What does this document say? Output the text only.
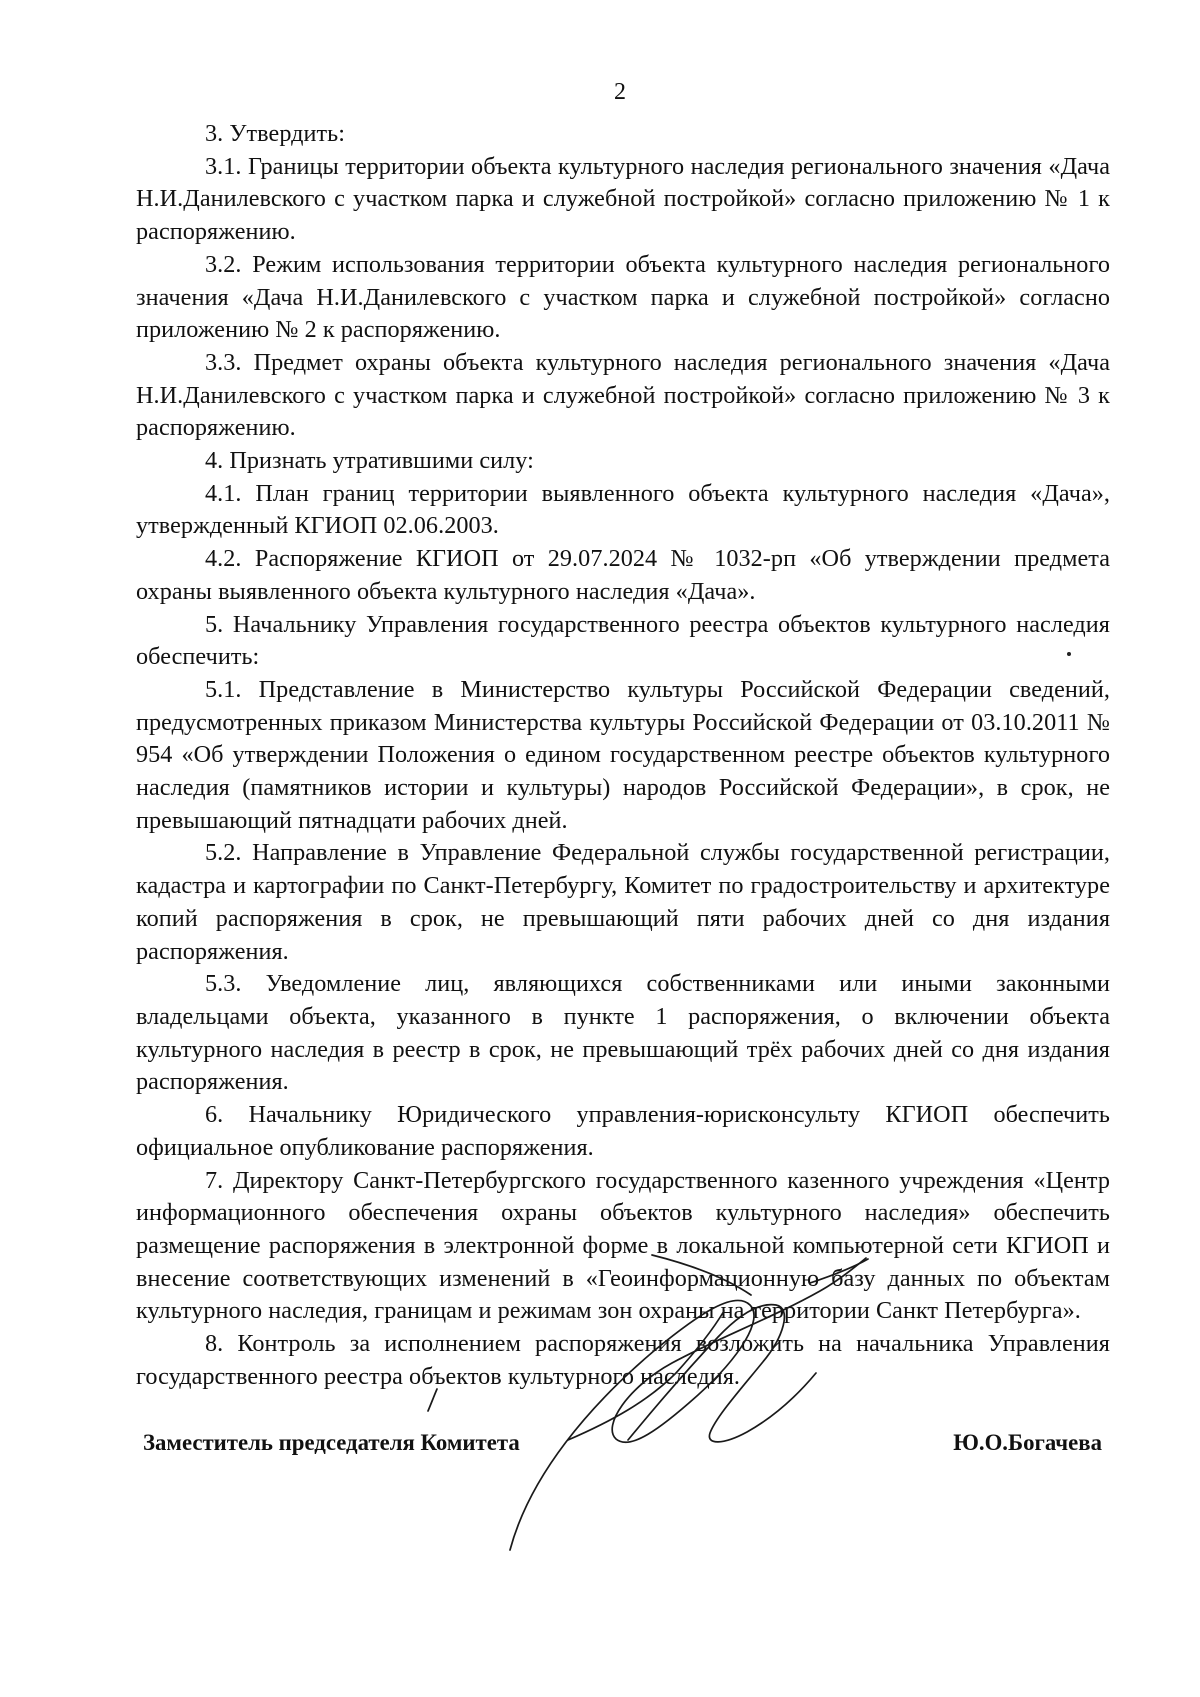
2

3. Утвердить:

3.1. Границы территории объекта культурного наследия регионального значения «Дача Н.И.Данилевского с участком парка и служебной постройкой» согласно приложению № 1 к распоряжению.

3.2. Режим использования территории объекта культурного наследия регионального значения «Дача Н.И.Данилевского с участком парка и служебной постройкой» согласно приложению № 2 к распоряжению.

3.3. Предмет охраны объекта культурного наследия регионального значения «Дача Н.И.Данилевского с участком парка и служебной постройкой» согласно приложению № 3 к распоряжению.

4. Признать утратившими силу:

4.1. План границ территории выявленного объекта культурного наследия «Дача», утвержденный КГИОП 02.06.2003.

4.2. Распоряжение КГИОП от 29.07.2024 № 1032-рп «Об утверждении предмета охраны выявленного объекта культурного наследия «Дача».

5. Начальнику Управления государственного реестра объектов культурного наследия обеспечить:

5.1. Представление в Министерство культуры Российской Федерации сведений, предусмотренных приказом Министерства культуры Российской Федерации от 03.10.2011 № 954 «Об утверждении Положения о едином государственном реестре объектов культурного наследия (памятников истории и культуры) народов Российской Федерации», в срок, не превышающий пятнадцати рабочих дней.

5.2. Направление в Управление Федеральной службы государственной регистрации, кадастра и картографии по Санкт-Петербургу, Комитет по градостроительству и архитектуре копий распоряжения в срок, не превышающий пяти рабочих дней со дня издания распоряжения.

5.3. Уведомление лиц, являющихся собственниками или иными законными владельцами объекта, указанного в пункте 1 распоряжения, о включении объекта культурного наследия в реестр в срок, не превышающий трёх рабочих дней со дня издания распоряжения.

6. Начальнику Юридического управления-юрисконсульту КГИОП обеспечить официальное опубликование распоряжения.

7. Директору Санкт-Петербургского государственного казенного учреждения «Центр информационного обеспечения охраны объектов культурного наследия» обеспечить размещение распоряжения в электронной форме в локальной компьютерной сети КГИОП и внесение соответствующих изменений в «Геоинформационную базу данных по объектам культурного наследия, границам и режимам зон охраны на территории Санкт Петербурга».

8. Контроль за исполнением распоряжения возложить на начальника Управления государственного реестра объектов культурного наследия.

Заместитель председателя Комитета	Ю.О.Богачева
